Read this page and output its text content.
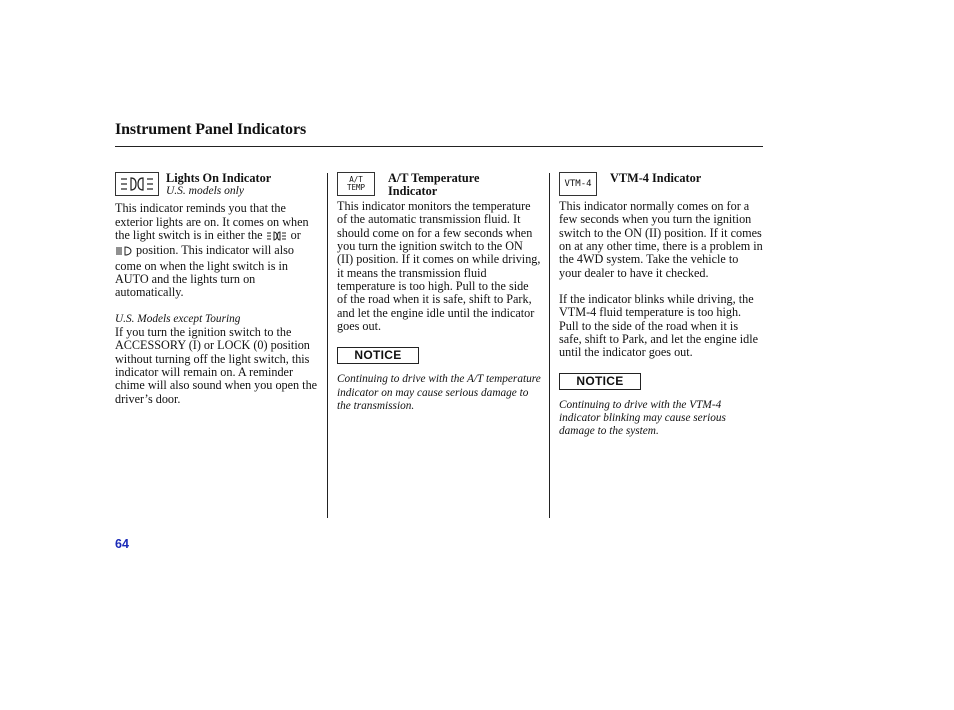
Instrument Panel Indicators
Lights On Indicator
U.S. models only

This indicator reminds you that the exterior lights are on. It comes on when the light switch is in either the or  position. This indicator will also come on when the light switch is in AUTO and the lights turn on automatically.

U.S. Models except Touring

If you turn the ignition switch to the ACCESSORY (I) or LOCK (0) position without turning off the light switch, this indicator will remain on. A reminder chime will also sound when you open the driver’s door.

A/T
TEMP
A/T Temperature
Indicator

This indicator monitors the temperature of the automatic transmission fluid. It should come on for a few seconds when you turn the ignition switch to the ON (II) position. If it comes on while driving, it means the transmission fluid temperature is too high. Pull to the side of the road when it is safe, shift to Park, and let the engine idle until the indicator goes out.

NOTICE

Continuing to drive with the A/T temperature indicator on may cause serious damage to the transmission.

VTM-4 VTM-4 Indicator

This indicator normally comes on for a few seconds when you turn the ignition switch to the ON (II) position. If it comes on at any other time, there is a problem in the 4WD system. Take the vehicle to your dealer to have it checked.

If the indicator blinks while driving, the VTM-4 fluid temperature is too high. Pull to the side of the road when it is safe, shift to Park, and let the engine idle until the indicator goes out.

NOTICE

Continuing to drive with the VTM-4 indicator blinking may cause serious damage to the system.

64
